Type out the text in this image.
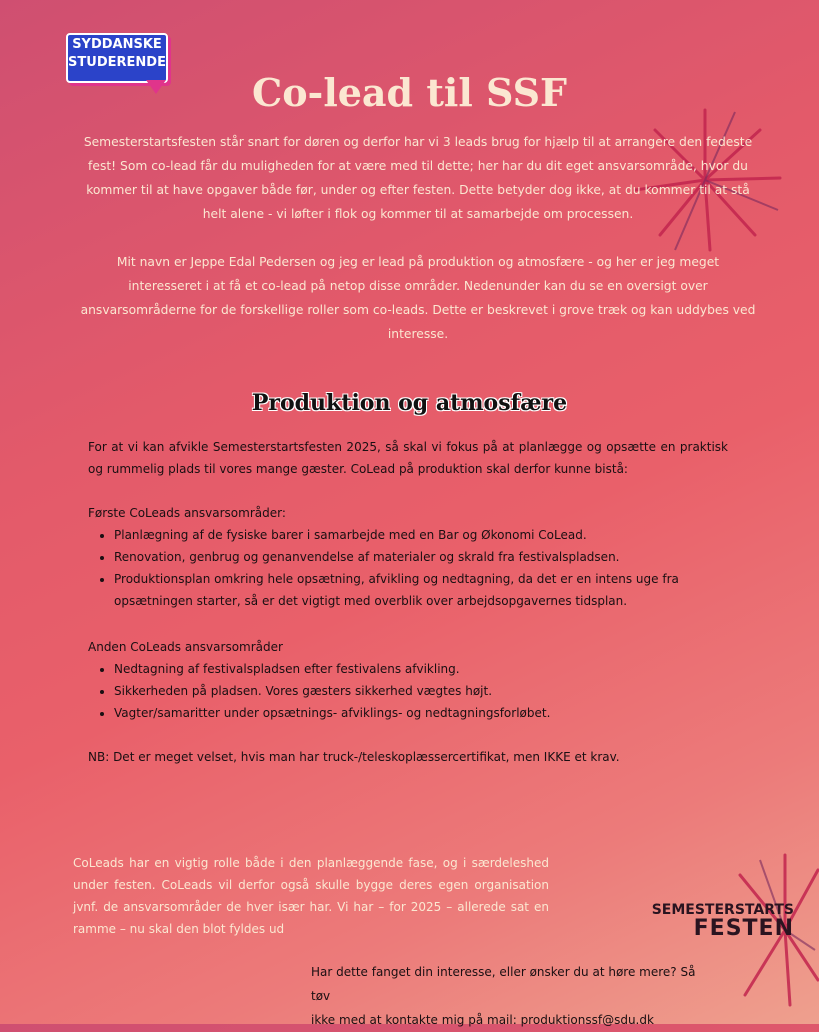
SYDDANSKE
STUDERENDE
Co-lead til SSF
Semesterstartsfesten står snart for døren og derfor har vi 3 leads brug for hjælp til at arrangere den fedeste fest! Som co-lead får du muligheden for at være med til dette; her har du dit eget ansvarsområde, hvor du kommer til at have opgaver både før, under og efter festen. Dette betyder dog ikke, at du kommer til at stå helt alene - vi løfter i flok og kommer til at samarbejde om processen.
Mit navn er Jeppe Edal Pedersen og jeg er lead på produktion og atmosfære - og her er jeg meget interesseret i at få et co-lead på netop disse områder. Nedenunder kan du se en oversigt over ansvarsområderne for de forskellige roller som co-leads. Dette er beskrevet i grove træk og kan uddybes ved interesse.
Produktion og atmosfære
For at vi kan afvikle Semesterstartsfesten 2025, så skal vi fokus på at planlægge og opsætte en praktisk og rummelig plads til vores mange gæster. CoLead på produktion skal derfor kunne bistå:
Første CoLeads ansvarsområder:
• Planlægning af de fysiske barer i samarbejde med en Bar og Økonomi CoLead.
• Renovation, genbrug og genanvendelse af materialer og skrald fra festivalspladsen.
• Produktionsplan omkring hele opsætning, afvikling og nedtagning, da det er en intens uge fra opsætningen starter, så er det vigtigt med overblik over arbejdsopgavernes tidsplan.
Anden CoLeads ansvarsområder
• Nedtagning af festivalspladsen efter festivalens afvikling.
• Sikkerheden på pladsen. Vores gæsters sikkerhed vægtes højt.
• Vagter/samaritter under opsætnings- afviklings- og nedtagningsforløbet.
NB: Det er meget velset, hvis man har truck-/teleskoplæssercertifikat, men IKKE et krav.
CoLeads har en vigtig rolle både i den planlæggende fase, og i særdeleshed under festen. CoLeads vil derfor også skulle bygge deres egen organisation jvnf. de ansvarsområder de hver især har. Vi har – for 2025 – allerede sat en ramme – nu skal den blot fyldes ud
SEMESTERSTARTS
FESTEN
Har dette fanget din interesse, eller ønsker du at høre mere? Så tøv
ikke med at kontakte mig på mail: produktionssf@sdu.dk
